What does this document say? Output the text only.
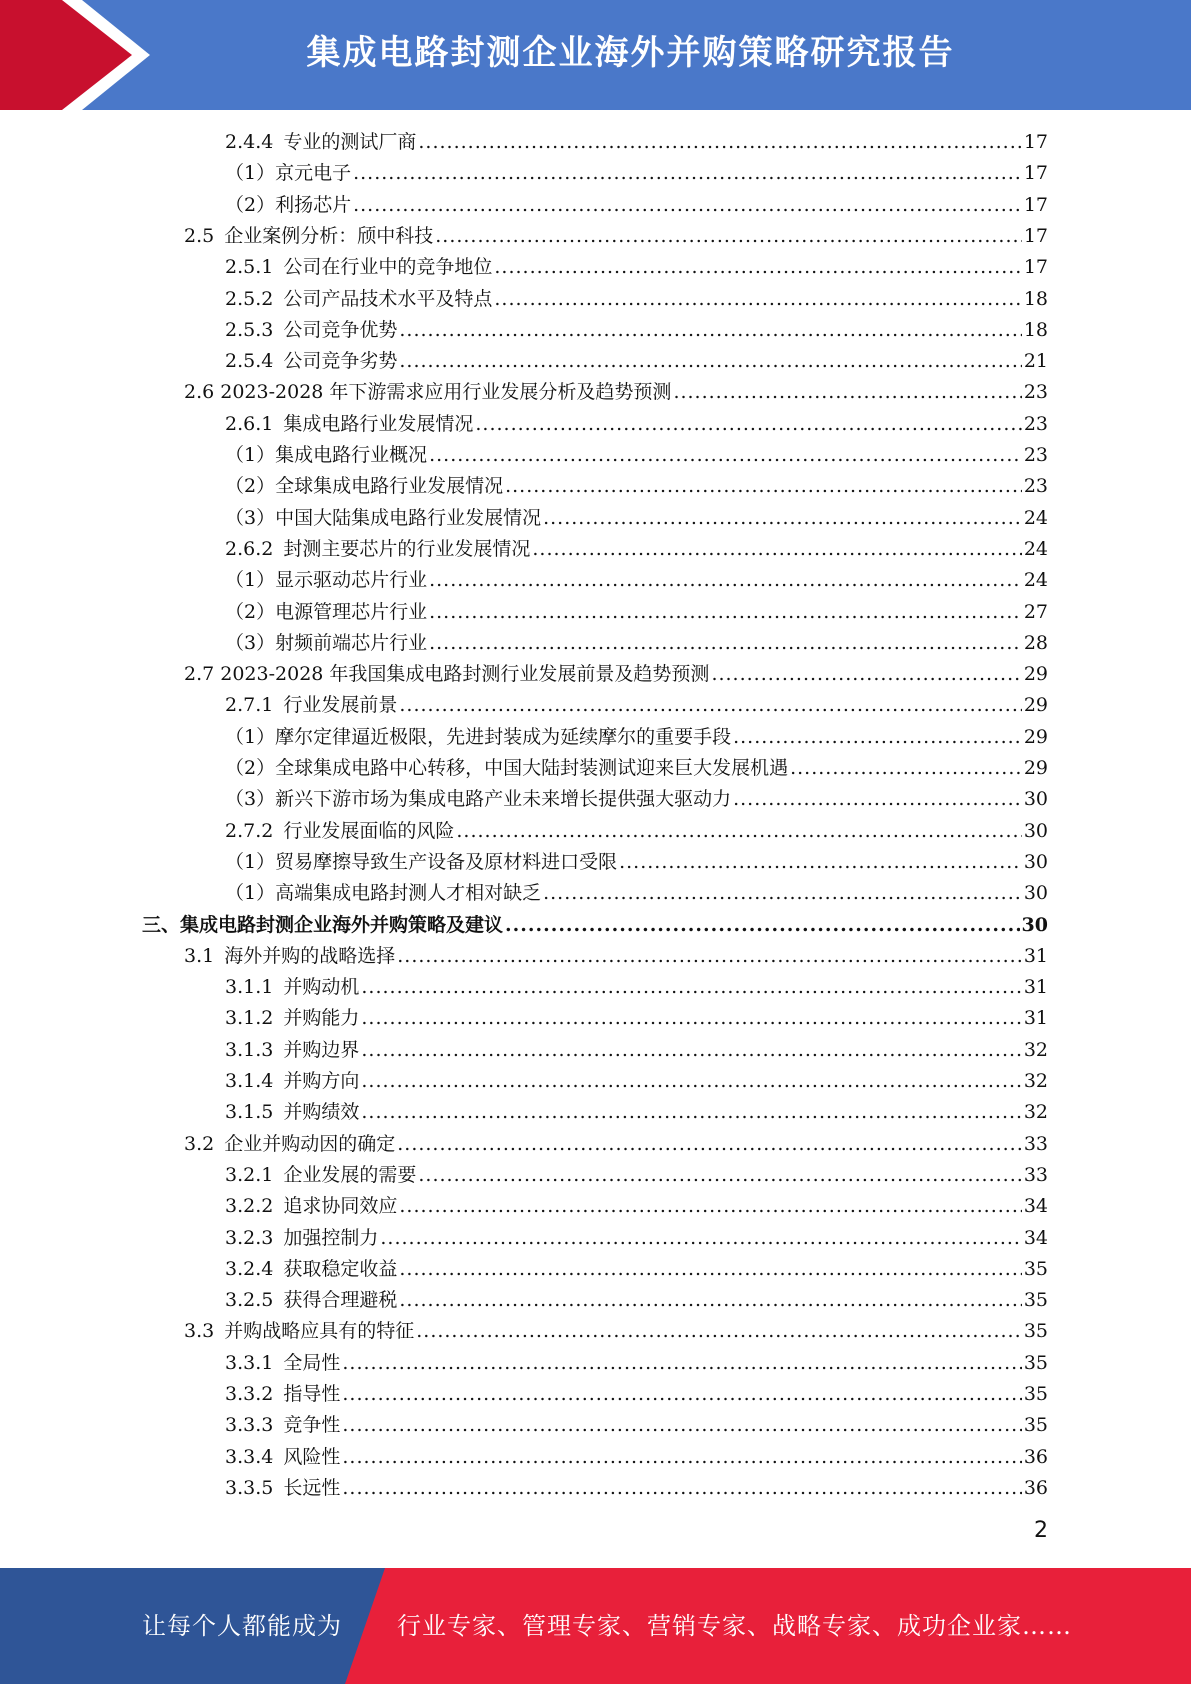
集成电路封测企业海外并购策略研究报告
2.4.4 专业的测试厂商 .....	17
（1）京元电子 .....	17
（2）利扬芯片 .....	17
2.5 企业案例分析：颀中科技 .....	17
2.5.1 公司在行业中的竞争地位 .....	17
2.5.2 公司产品技术水平及特点 .....	18
2.5.3 公司竞争优势 .....	18
2.5.4 公司竞争劣势 .....	21
2.6 2023-2028 年下游需求应用行业发展分析及趋势预测 .....	23
2.6.1 集成电路行业发展情况 .....	23
（1）集成电路行业概况 .....	23
（2）全球集成电路行业发展情况 .....	23
（3）中国大陆集成电路行业发展情况 .....	24
2.6.2 封测主要芯片的行业发展情况 .....	24
（1）显示驱动芯片行业 .....	24
（2）电源管理芯片行业 .....	27
（3）射频前端芯片行业 .....	28
2.7 2023-2028 年我国集成电路封测行业发展前景及趋势预测 .....	29
2.7.1 行业发展前景 .....	29
（1）摩尔定律逼近极限，先进封装成为延续摩尔的重要手段 .....	29
（2）全球集成电路中心转移，中国大陆封装测试迎来巨大发展机遇 .....	29
（3）新兴下游市场为集成电路产业未来增长提供强大驱动力 .....	30
2.7.2 行业发展面临的风险 .....	30
（1）贸易摩擦导致生产设备及原材料进口受限 .....	30
（1）高端集成电路封测人才相对缺乏 .....	30
三、集成电路封测企业海外并购策略及建议 .....	30
3.1 海外并购的战略选择 .....	31
3.1.1 并购动机 .....	31
3.1.2 并购能力 .....	31
3.1.3 并购边界 .....	32
3.1.4 并购方向 .....	32
3.1.5 并购绩效 .....	32
3.2 企业并购动因的确定 .....	33
3.2.1 企业发展的需要 .....	33
3.2.2 追求协同效应 .....	34
3.2.3 加强控制力 .....	34
3.2.4 获取稳定收益 .....	35
3.2.5 获得合理避税 .....	35
3.3 并购战略应具有的特征 .....	35
3.3.1 全局性 .....	35
3.3.2 指导性 .....	35
3.3.3 竞争性 .....	35
3.3.4 风险性 .....	36
3.3.5 长远性 .....	36
2
让每个人都能成为 行业专家、管理专家、营销专家、战略专家、成功企业家……
